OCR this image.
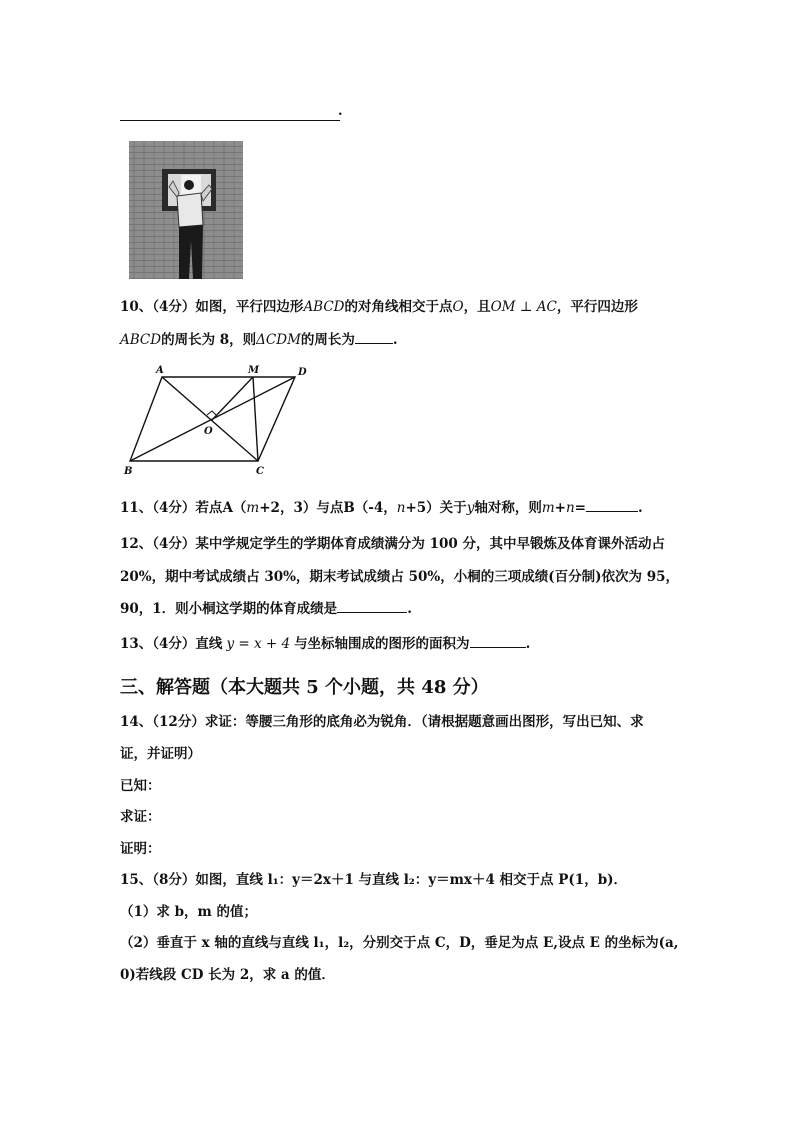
.
10、（4分）如图，平行四边形ABCD的对角线相交于点O，且OM ⊥ AC，平行四边形
ABCD的周长为 8，则ΔCDM的周长为	.
A	M	D
O
B	C
11、（4分）若点A（m+2，3）与点B（-4，n+5）关于y轴对称，则m+n=	.
12、（4分）某中学规定学生的学期体育成绩满分为 100 分，其中早锻炼及体育课外活动占
20%，期中考试成绩占 30%，期末考试成绩占 50%，小桐的三项成绩(百分制)依次为 95，
90，1．则小桐这学期的体育成绩是	.
13、（4分）直线 y = x + 4 与坐标轴围成的图形的面积为	.
三、解答题（本大题共 5 个小题，共 48 分）
14、（12分）求证：等腰三角形的底角必为锐角．（请根据题意画出图形，写出已知、求
证，并证明）
已知：
求证：
证明：
15、（8分）如图，直线 l₁：y＝2x＋1 与直线 l₂：y＝mx＋4 相交于点 P(1，b)．
（1）求 b，m 的值；
（2）垂直于 x 轴的直线与直线 l₁，l₂，分别交于点 C，D，垂足为点 E,设点 E 的坐标为(a,
0)若线段 CD 长为 2，求 a 的值．
